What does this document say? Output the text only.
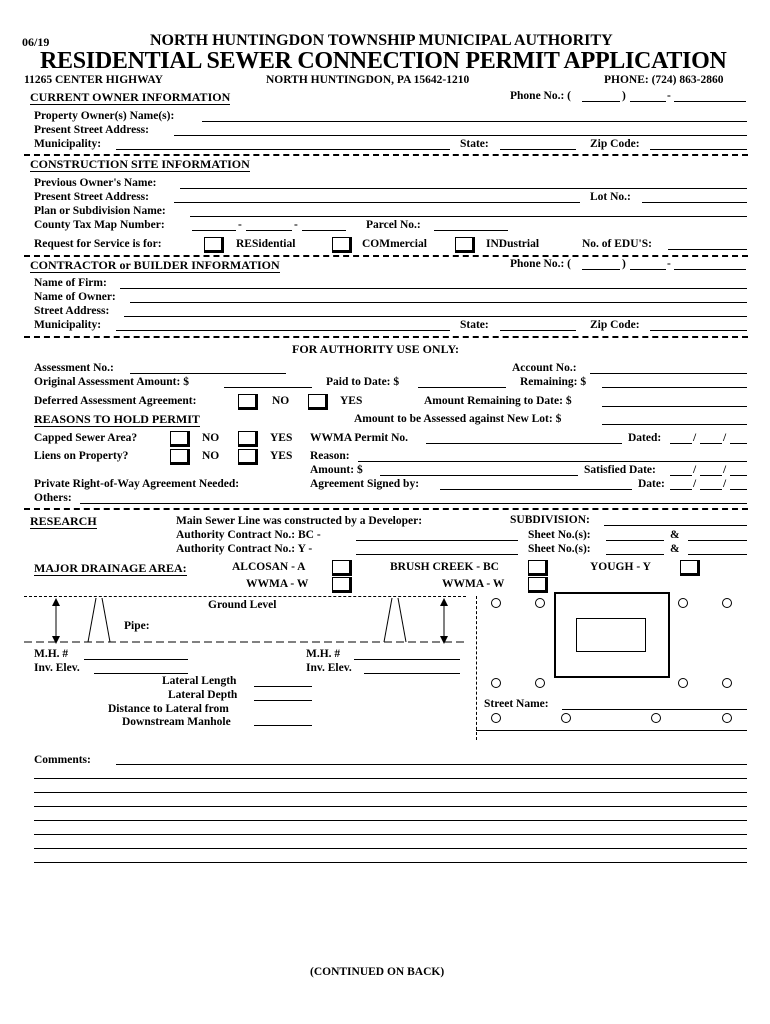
06/19	NORTH HUNTINGDON TOWNSHIP MUNICIPAL AUTHORITY
RESIDENTIAL SEWER CONNECTION PERMIT APPLICATION
11265 CENTER HIGHWAY	NORTH HUNTINGDON, PA 15642-1210	PHONE: (724) 863-2860
CURRENT OWNER INFORMATION	Phone No.: (	)	-
Property Owner(s) Name(s):
Present Street Address:
Municipality:	State:	Zip Code:
CONSTRUCTION SITE INFORMATION
Previous Owner's Name:
Present Street Address:	Lot No.:
Plan or Subdivision Name:
County Tax Map Number:	-	-	Parcel No.:
Request for Service is for:	RESidential	COMmercial	INDustrial	No. of EDU'S:
CONTRACTOR or BUILDER INFORMATION	Phone No.: (	)	-
Name of Firm:
Name of Owner:
Street Address:
Municipality:	State:	Zip Code:
FOR AUTHORITY USE ONLY:
Assessment No.:	Account No.:
Original Assessment Amount: $	Paid to Date: $	Remaining: $
Deferred Assessment Agreement:	NO	YES	Amount Remaining to Date: $
REASONS TO HOLD PERMIT	Amount to be Assessed against New Lot: $
Capped Sewer Area?	NO	YES WWMA Permit No.	Dated:	/ /
Liens on Property?	NO	YES Reason:
Amount: $	Satisfied Date:	/ /
Private Right-of-Way Agreement Needed:	Agreement Signed by:	Date: / /
Others:
RESEARCH	Main Sewer Line was constructed by a Developer:	SUBDIVISION:
Authority Contract No.: BC -	Sheet No.(s):	&
Authority Contract No.: Y -	Sheet No.(s):	&
MAJOR DRAINAGE AREA:	ALCOSAN - A	BRUSH CREEK - BC	YOUGH - Y
WWMA - W	WWMA - W
Ground Level
Pipe:
M.H. #
Inv. Elev.
M.H. #
Inv. Elev.
Lateral Length
Lateral Depth
Distance to Lateral from
Downstream Manhole
Street Name:
Comments:
(CONTINUED ON BACK)
